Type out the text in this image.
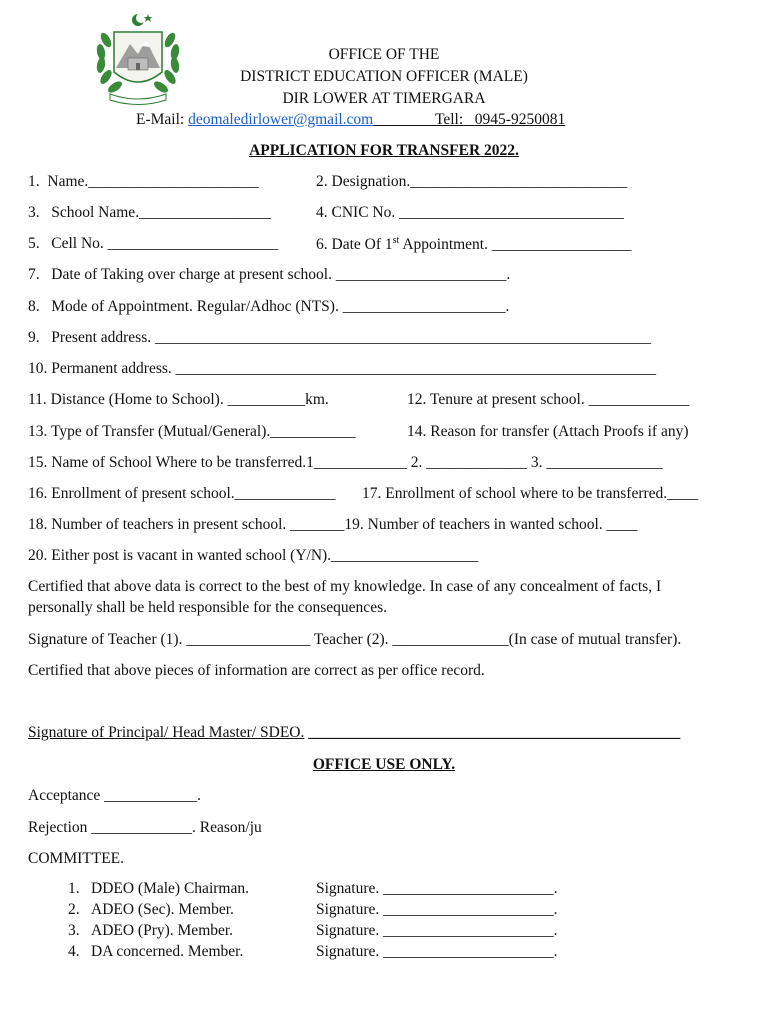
OFFICE OF THE
DISTRICT EDUCATION OFFICER (MALE)
DIR LOWER AT TIMERGARA
E-Mail: deomaledirlower@gmail.com	Tell: 0945-9250081
APPLICATION FOR TRANSFER 2022.
1.  Name.______________________	2. Designation.____________________________
3.   School Name._________________	4. CNIC No. _____________________________
5.   Cell No. ______________________ 6. Date Of 1st Appointment. __________________
7.   Date of Taking over charge at present school. ______________________.
8.   Mode of Appointment. Regular/Adhoc (NTS). _____________________.
9.   Present address. ________________________________________________________________
10. Permanent address. ______________________________________________________________
11. Distance (Home to School). __________km.	12. Tenure at present school. _____________
13. Type of Transfer (Mutual/General).___________	14. Reason for transfer (Attach Proofs if any)
15. Name of School Where to be transferred.1____________ 2. _____________ 3. _______________
16. Enrollment of present school._____________ 17. Enrollment of school where to be transferred.____
18. Number of teachers in present school. _______19. Number of teachers in wanted school. ____
20. Either post is vacant in wanted school (Y/N).___________________
Certified that above data is correct to the best of my knowledge. In case of any concealment of facts, I
personally shall be held responsible for the consequences.
Signature of Teacher (1). ________________ Teacher (2). _______________(In case of mutual transfer).
Certified that above pieces of information are correct as per office record.
Signature of Principal/ Head Master/ SDEO. ________________________________________________
OFFICE USE ONLY.
Acceptance ____________.
Rejection _____________. Reason/ju
COMMITTEE.
1. DDEO (Male) Chairman.	Signature. ______________________.
2. ADEO (Sec). Member.	Signature. ______________________.
3. ADEO (Pry). Member.	Signature. ______________________.
4. DA concerned. Member.	Signature. ______________________.
